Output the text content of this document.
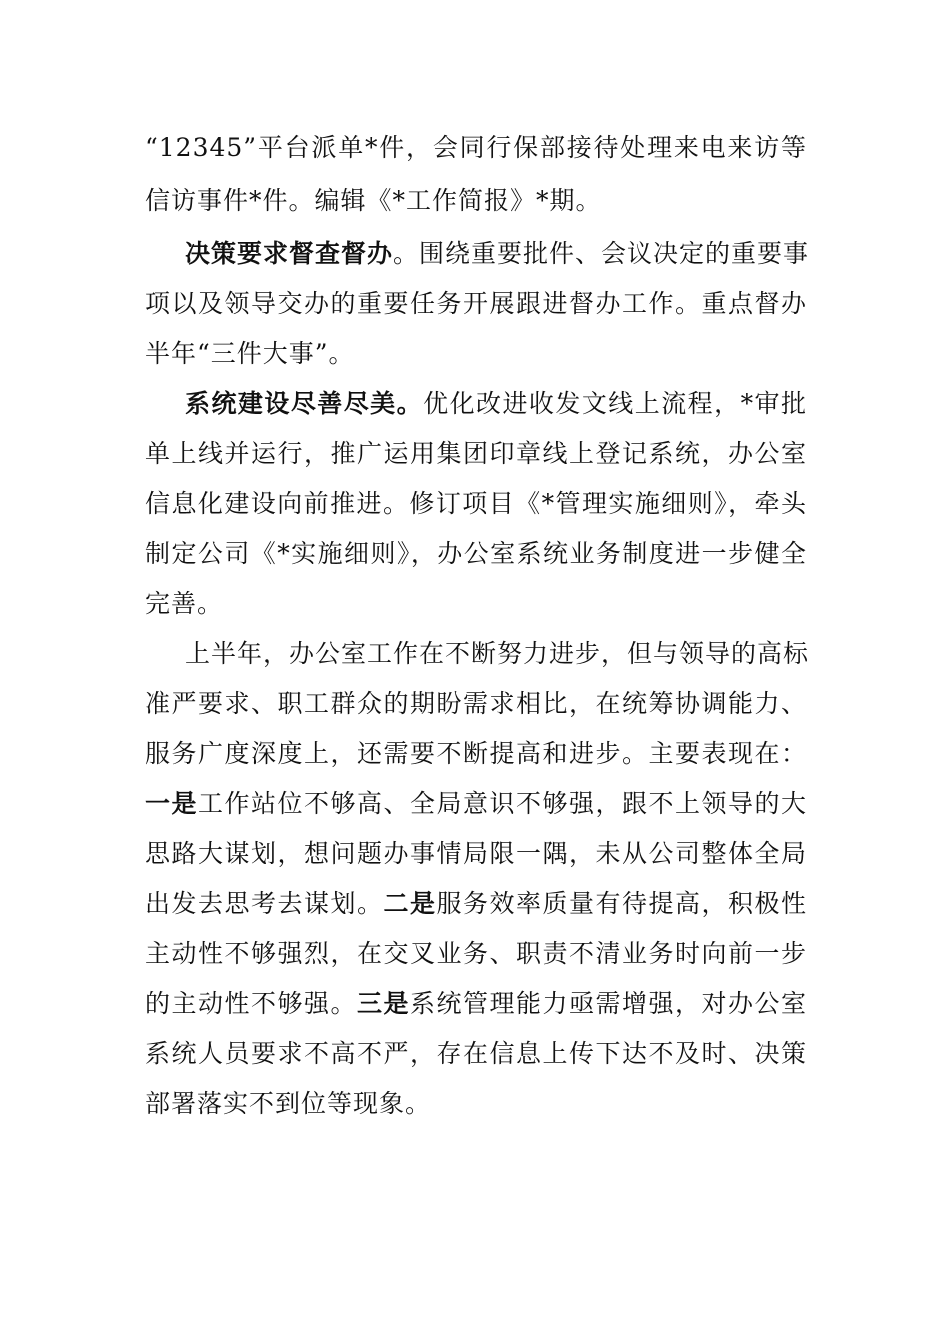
“12345”平台派单*件，会同行保部接待处理来电来访等
信访事件*件。编辑《*工作简报》*期。
决策要求督查督办。围绕重要批件、会议决定的重要事
项以及领导交办的重要任务开展跟进督办工作。重点督办
半年“三件大事”。
系统建设尽善尽美。优化改进收发文线上流程，*审批
单上线并运行，推广运用集团印章线上登记系统，办公室
信息化建设向前推进。修订项目《*管理实施细则》，牵头
制定公司《*实施细则》，办公室系统业务制度进一步健全
完善。
上半年，办公室工作在不断努力进步，但与领导的高标
准严要求、职工群众的期盼需求相比，在统筹协调能力、
服务广度深度上，还需要不断提高和进步。主要表现在：
一是工作站位不够高、全局意识不够强，跟不上领导的大
思路大谋划，想问题办事情局限一隅，未从公司整体全局
出发去思考去谋划。二是服务效率质量有待提高，积极性
主动性不够强烈，在交叉业务、职责不清业务时向前一步
的主动性不够强。三是系统管理能力亟需增强，对办公室
系统人员要求不高不严，存在信息上传下达不及时、决策
部署落实不到位等现象。
